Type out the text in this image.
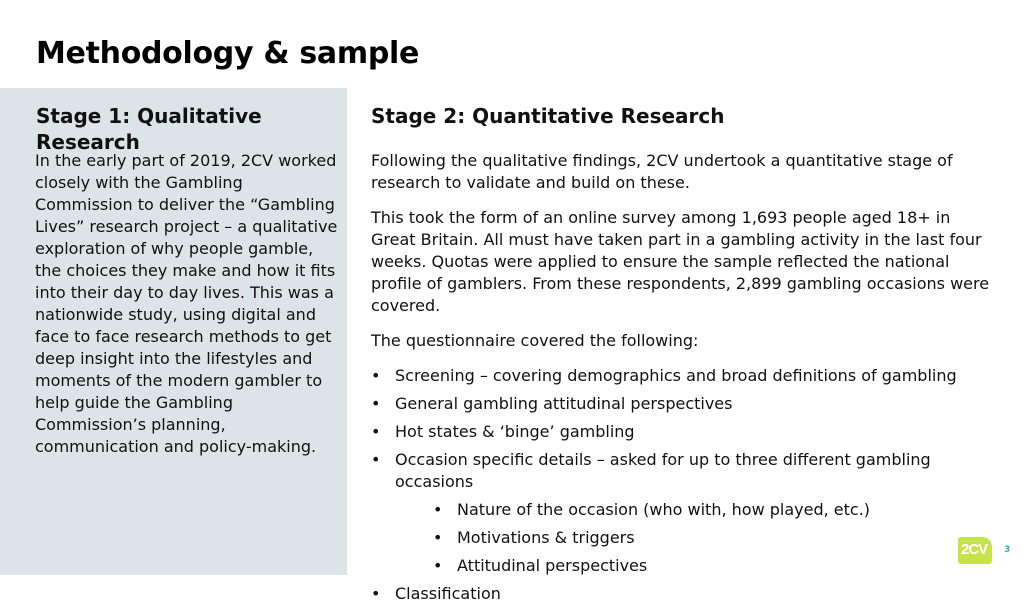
Methodology & sample
Stage 1: Qualitative Research

In the early part of 2019, 2CV worked closely with the Gambling Commission to deliver the “Gambling Lives” research project – a qualitative exploration of why people gamble, the choices they make and how it fits into their day to day lives. This was a nationwide study, using digital and face to face research methods to get deep insight into the lifestyles and moments of the modern gambler to help guide the Gambling Commission’s planning, communication and policy-making.

Stage 2: Quantitative Research

Following the qualitative findings, 2CV undertook a quantitative stage of research to validate and build on these.

This took the form of an online survey among 1,693 people aged 18+ in Great Britain. All must have taken part in a gambling activity in the last four weeks. Quotas were applied to ensure the sample reflected the national profile of gamblers. From these respondents, 2,899 gambling occasions were covered.

The questionnaire covered the following:

• Screening – covering demographics and broad definitions of gambling
• General gambling attitudinal perspectives
• Hot states & ‘binge’ gambling
• Occasion specific details – asked for up to three different gambling occasions
• Nature of the occasion (who with, how played, etc.)
• Motivations & triggers
• Attitudinal perspectives
• Classification
2CV 3
